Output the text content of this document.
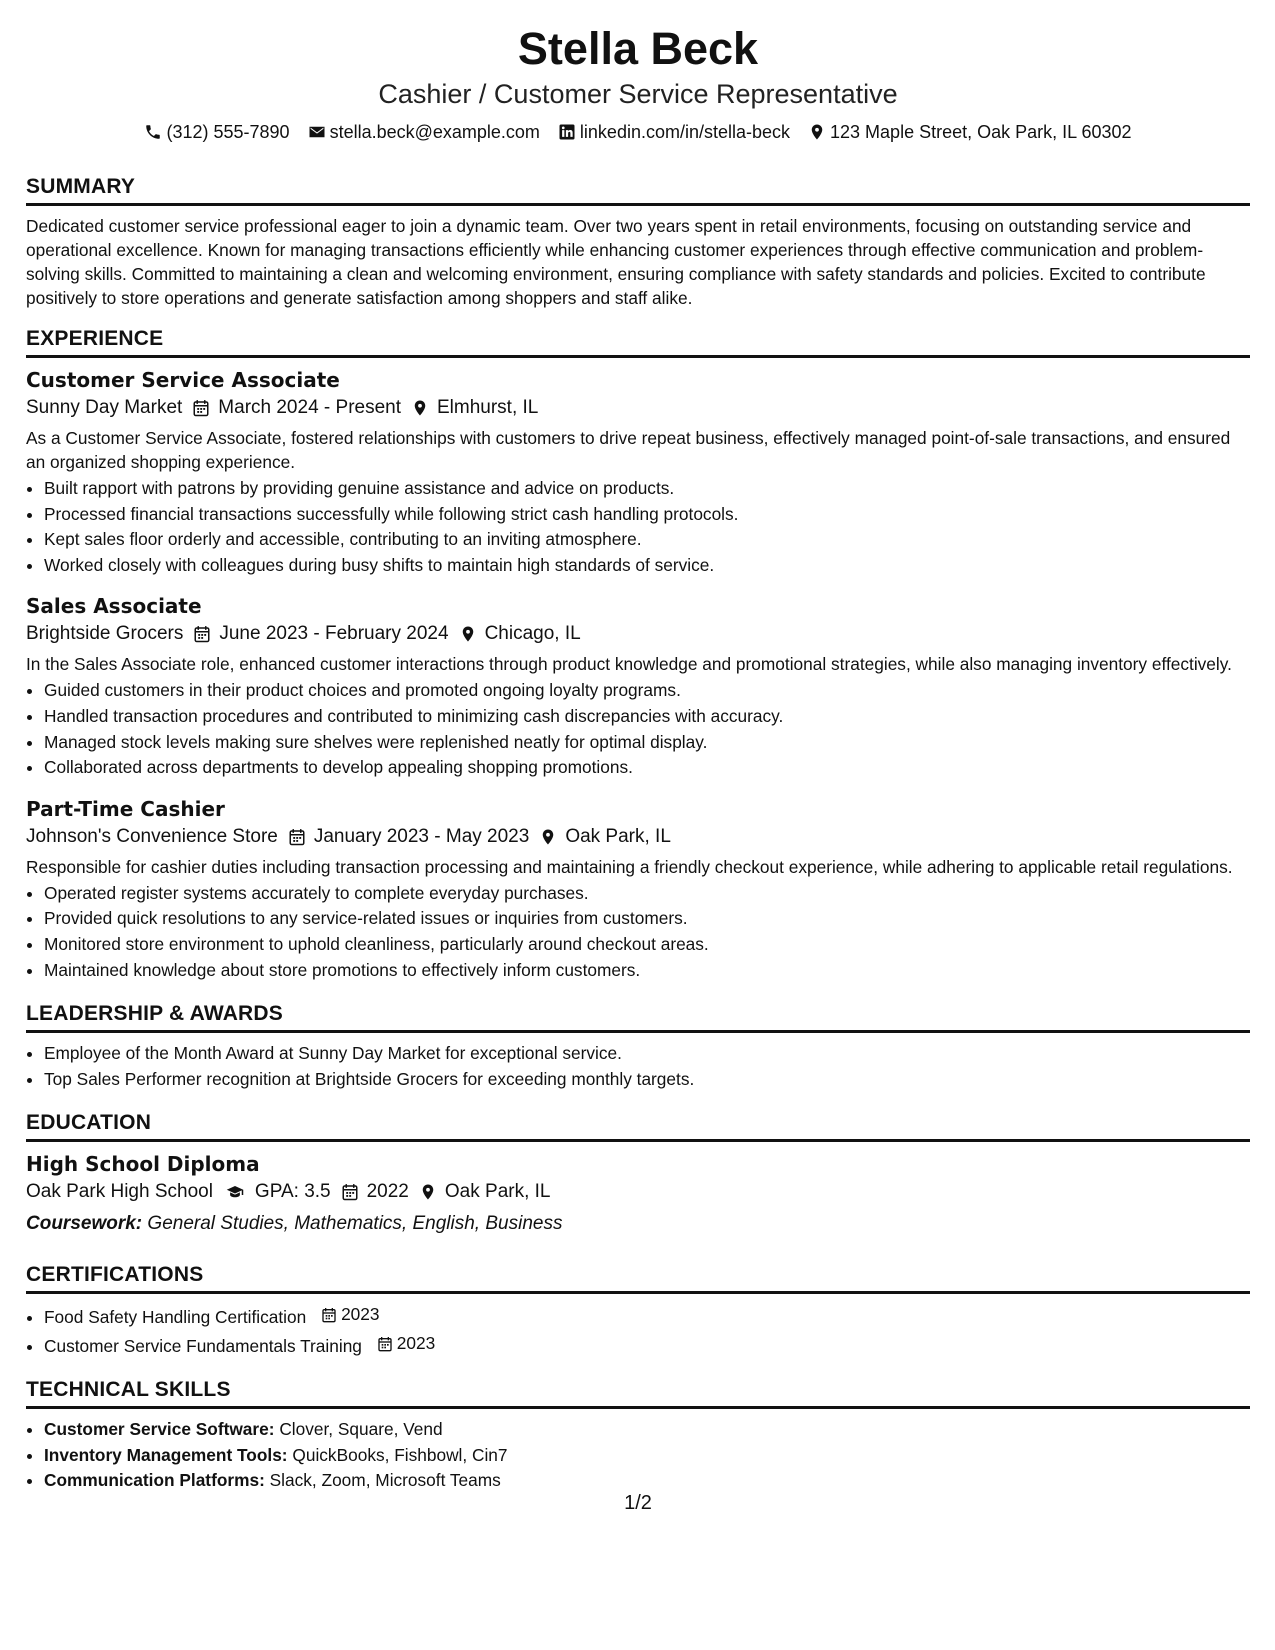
Stella Beck
Cashier / Customer Service Representative
(312) 555-7890 stella.beck@example.com linkedin.com/in/stella-beck 123 Maple Street, Oak Park, IL 60302
SUMMARY

Dedicated customer service professional eager to join a dynamic team. Over two years spent in retail environments, focusing on outstanding service and operational excellence. Known for managing transactions efficiently while enhancing customer experiences through effective communication and problem-solving skills. Committed to maintaining a clean and welcoming environment, ensuring compliance with safety standards and policies. Excited to contribute positively to store operations and generate satisfaction among shoppers and staff alike.

EXPERIENCE
Customer Service Associate
Sunny Day Market March 2024 - Present Elmhurst, IL

As a Customer Service Associate, fostered relationships with customers to drive repeat business, effectively managed point-of-sale transactions, and ensured an organized shopping experience.

• Built rapport with patrons by providing genuine assistance and advice on products.
• Processed financial transactions successfully while following strict cash handling protocols.
• Kept sales floor orderly and accessible, contributing to an inviting atmosphere.
• Worked closely with colleagues during busy shifts to maintain high standards of service.
Sales Associate
Brightside Grocers June 2023 - February 2024 Chicago, IL

In the Sales Associate role, enhanced customer interactions through product knowledge and promotional strategies, while also managing inventory effectively.

• Guided customers in their product choices and promoted ongoing loyalty programs.
• Handled transaction procedures and contributed to minimizing cash discrepancies with accuracy.
• Managed stock levels making sure shelves were replenished neatly for optimal display.
• Collaborated across departments to develop appealing shopping promotions.
Part-Time Cashier
Johnson's Convenience Store January 2023 - May 2023 Oak Park, IL

Responsible for cashier duties including transaction processing and maintaining a friendly checkout experience, while adhering to applicable retail regulations.

• Operated register systems accurately to complete everyday purchases.
• Provided quick resolutions to any service-related issues or inquiries from customers.
• Monitored store environment to uphold cleanliness, particularly around checkout areas.
• Maintained knowledge about store promotions to effectively inform customers.
LEADERSHIP & AWARDS
• Employee of the Month Award at Sunny Day Market for exceptional service.
• Top Sales Performer recognition at Brightside Grocers for exceeding monthly targets.
EDUCATION
High School Diploma
Oak Park High School GPA: 3.5 2022 Oak Park, IL
Coursework: General Studies, Mathematics, English, Business
CERTIFICATIONS
• Food Safety Handling Certification 2023
• Customer Service Fundamentals Training 2023
TECHNICAL SKILLS
• Customer Service Software: Clover, Square, Vend
• Inventory Management Tools: QuickBooks, Fishbowl, Cin7
• Communication Platforms: Slack, Zoom, Microsoft Teams
1/2
